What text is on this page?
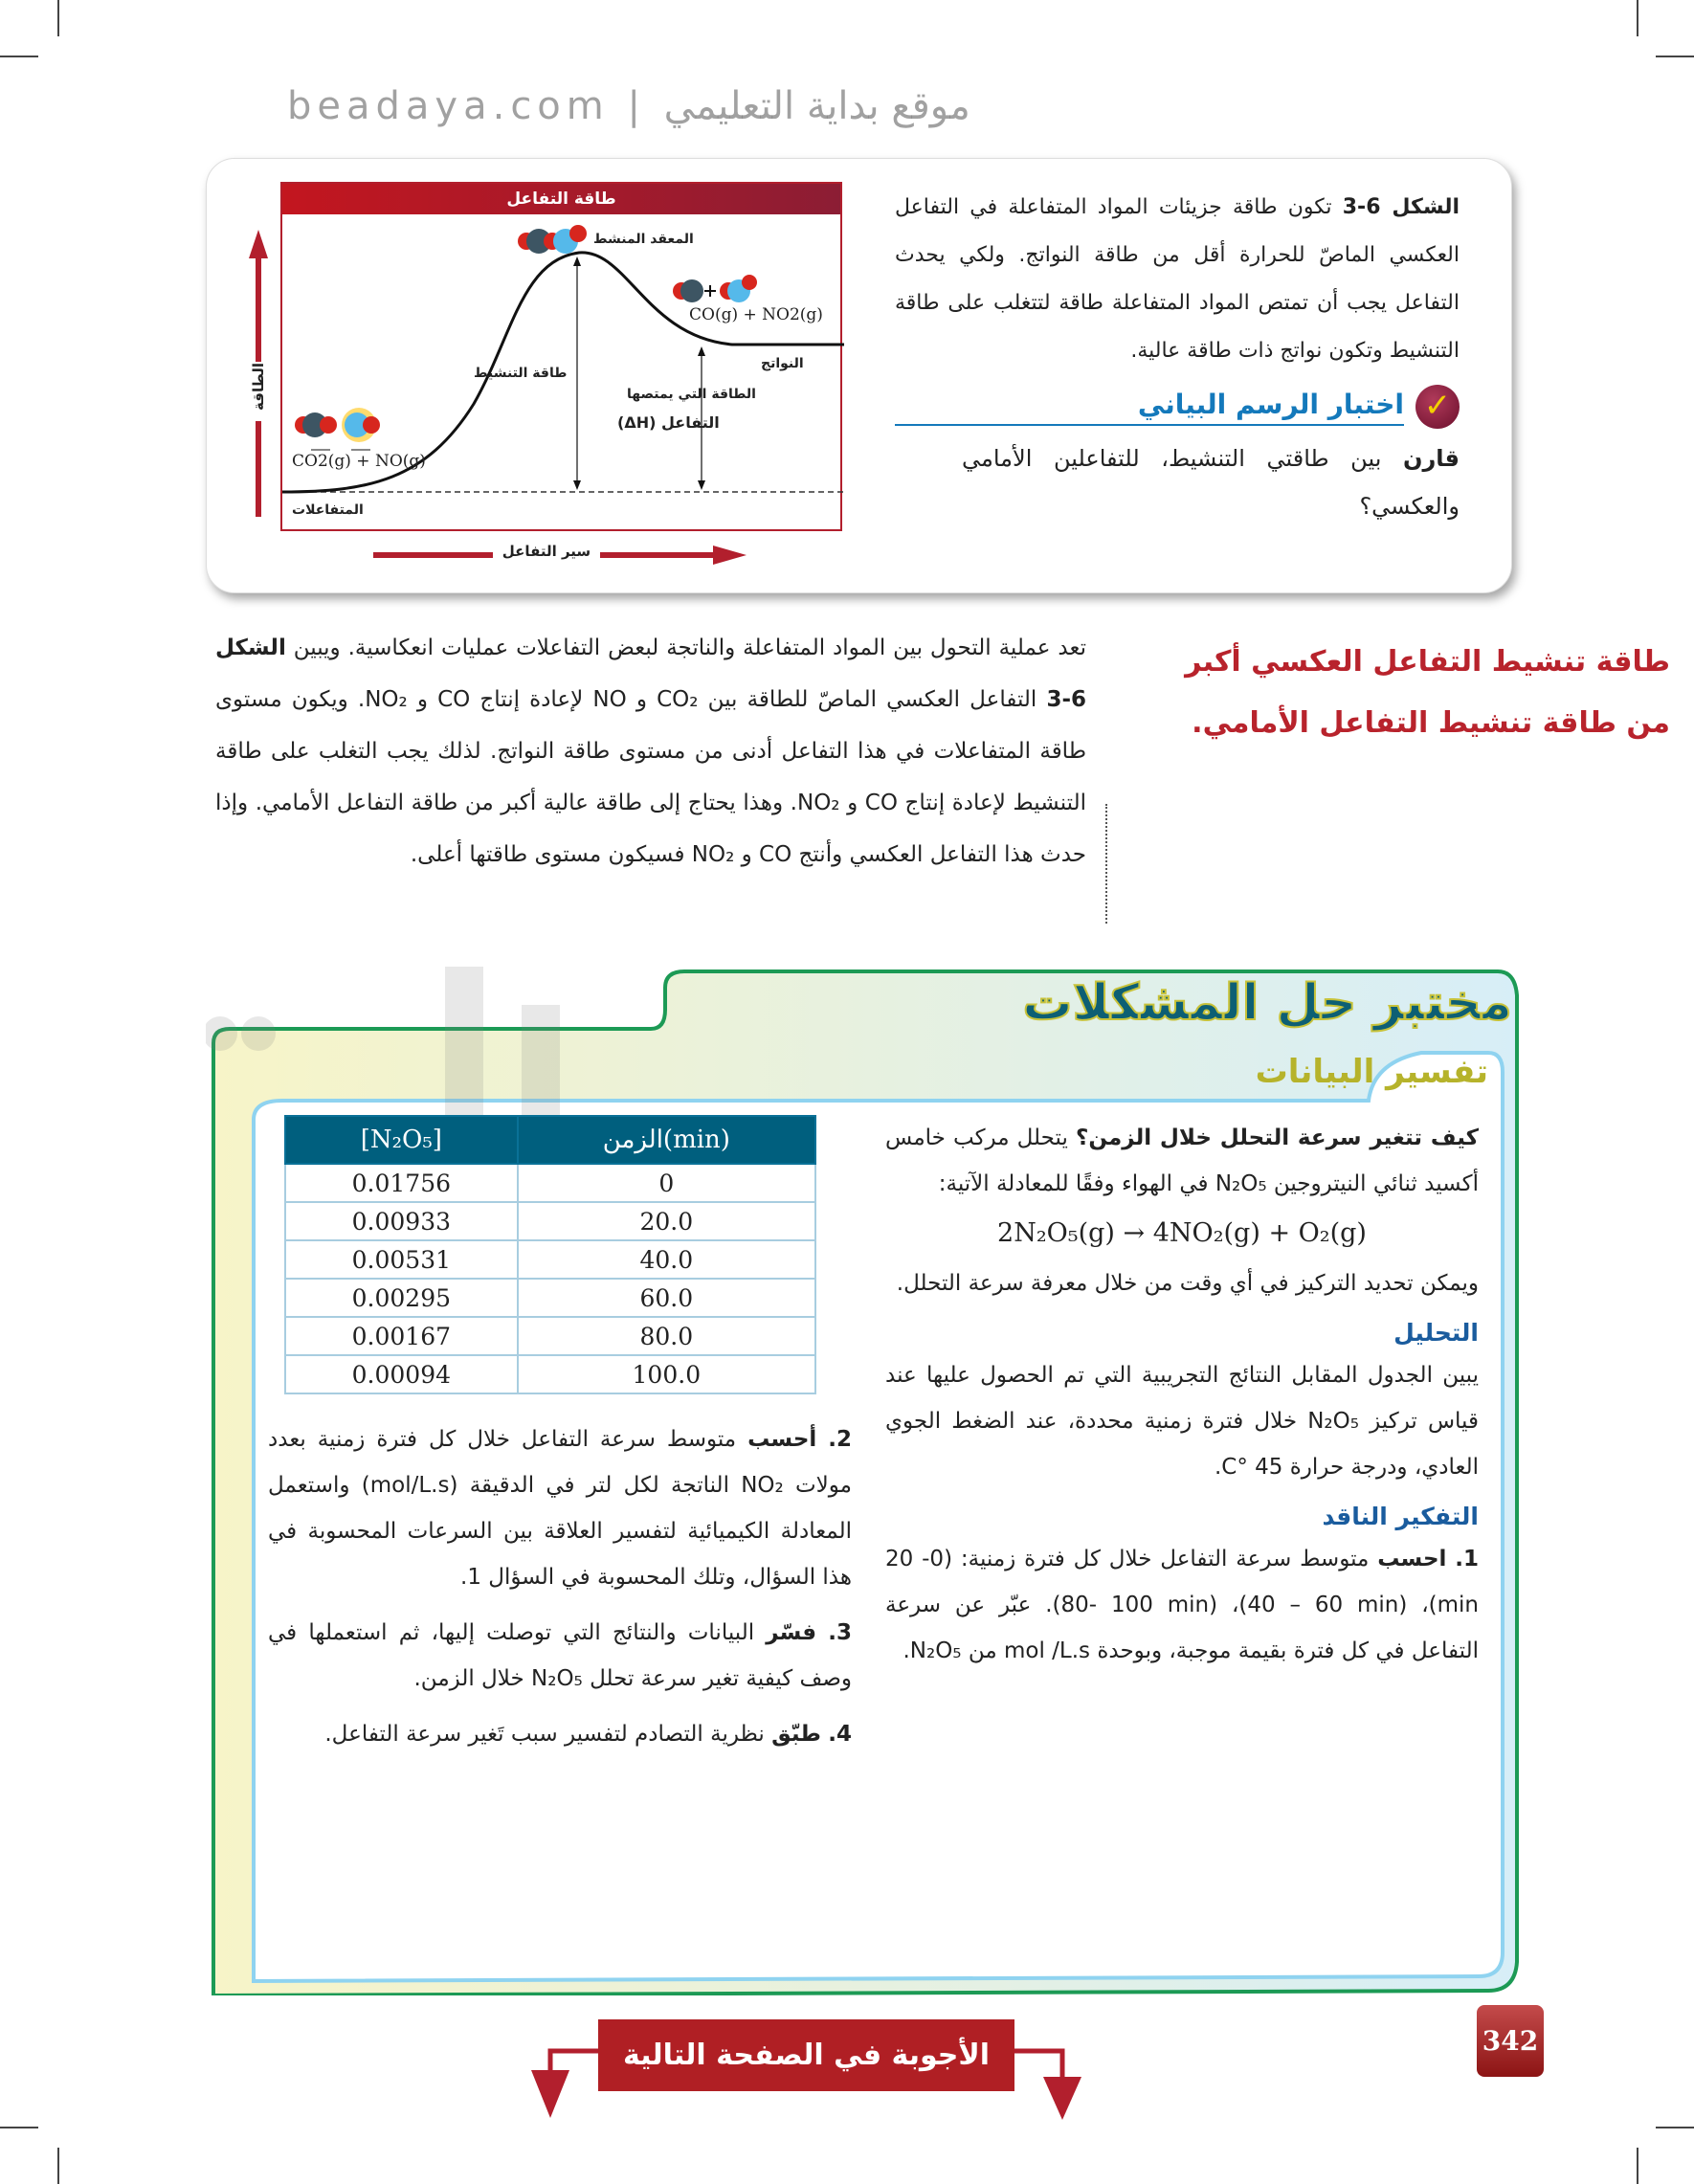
beadaya.com | موقع بداية التعليمي
الطاقة
طاقة التفاعل
المعقد المنشط
CO(g) + NO2(g)
النواتج
طاقة التنشيط
الطاقة التي يمتصها
التفاعل (ΔH)
CO2(g) + NO(g)
المتفاعلات
سير التفاعل
الشكل 6-3 تكون طاقة جزيئات المواد المتفاعلة في التفاعل العكسي الماصّ للحرارة أقل من طاقة النواتج. ولكي يحدث التفاعل يجب أن تمتص المواد المتفاعلة طاقة لتتغلب على طاقة التنشيط وتكون نواتج ذات طاقة عالية.
✓
اختبار الرسم البياني
قارن بين طاقتي التنشيط، للتفاعلين الأمامي والعكسي؟
طاقة تنشيط التفاعل العكسي أكبر من طاقة تنشيط التفاعل الأمامي.
تعد عملية التحول بين المواد المتفاعلة والناتجة لبعض التفاعلات عمليات انعكاسية. ويبين الشكل 6-3 التفاعل العكسي الماصّ للطاقة بين CO₂ و NO لإعادة إنتاج CO و NO₂. ويكون مستوى طاقة المتفاعلات في هذا التفاعل أدنى من مستوى طاقة النواتج. لذلك يجب التغلب على طاقة التنشيط لإعادة إنتاج CO و NO₂. وهذا يحتاج إلى طاقة عالية أكبر من طاقة التفاعل الأمامي. وإذا حدث هذا التفاعل العكسي وأنتج CO و NO₂ فسيكون مستوى طاقتها أعلى.
مختبر حل المشكلات
تفسير البيانات
[N₂O₅]	الزمن(min)
0.01756	0
0.00933	20.0
0.00531	40.0
0.00295	60.0
0.00167	80.0
0.00094	100.0
كيف تتغير سرعة التحلل خلال الزمن؟ يتحلل مركب خامس أكسيد ثنائي النيتروجين N₂O₅ في الهواء وفقًا للمعادلة الآتية:
2N₂O₅(g) → 4NO₂(g) + O₂(g)
ويمكن تحديد التركيز في أي وقت من خلال معرفة سرعة التحلل.
التحليل
يبين الجدول المقابل النتائج التجريبية التي تم الحصول عليها عند قياس تركيز N₂O₅ خلال فترة زمنية محددة، عند الضغط الجوي العادي، ودرجة حرارة 45 °C.
التفكير الناقد
1. احسب متوسط سرعة التفاعل خلال كل فترة زمنية: (0- 20 min)، (40 – 60 min)، (80- 100 min). عبّر عن سرعة التفاعل في كل فترة بقيمة موجبة، وبوحدة mol /L.s من N₂O₅.
2. أحسب متوسط سرعة التفاعل خلال كل فترة زمنية بعدد مولات NO₂ الناتجة لكل لتر في الدقيقة (mol/L.s) واستعمل المعادلة الكيميائية لتفسير العلاقة بين السرعات المحسوبة في هذا السؤال، وتلك المحسوبة في السؤال 1.
3. فسّر البيانات والنتائج التي توصلت إليها، ثم استعملها في وصف كيفية تغير سرعة تحلل N₂O₅ خلال الزمن.
4. طبّق نظرية التصادم لتفسير سبب تَغير سرعة التفاعل.
الأجوبة في الصفحة التالية	342
